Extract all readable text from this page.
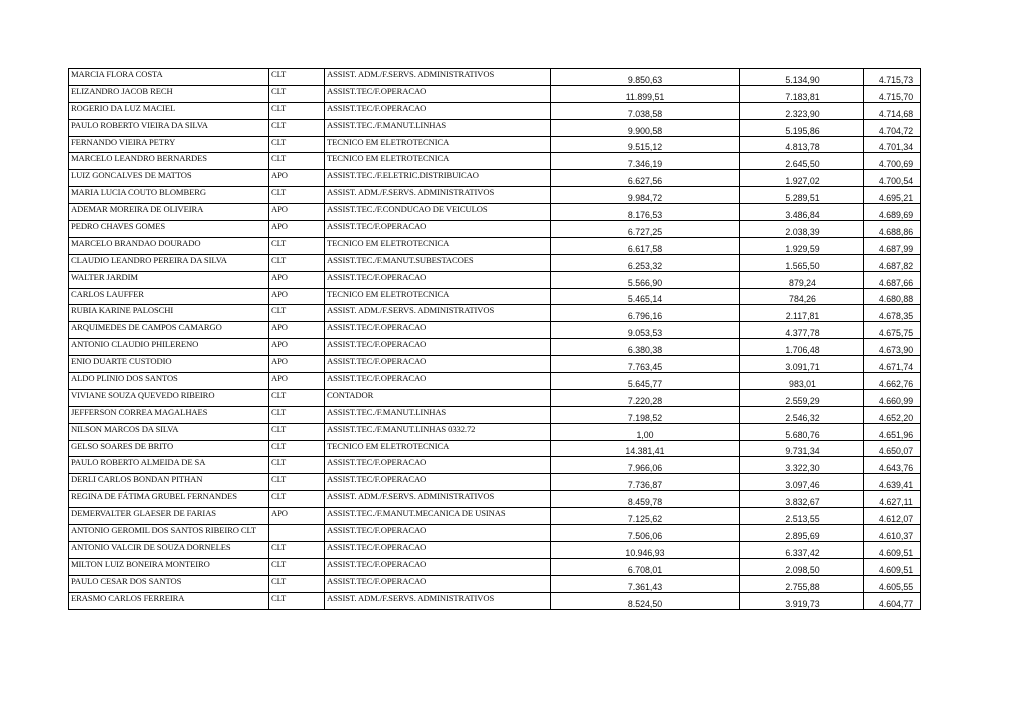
MARCIA FLORA COSTA	CLT	ASSIST. ADM./F.SERVS. ADMINISTRATIVOS	9.850,63	5.134,90	4.715,73
ELIZANDRO JACOB RECH	CLT	ASSIST.TEC/F.OPERACAO	11.899,51	7.183,81	4.715,70
ROGERIO DA LUZ MACIEL	CLT	ASSIST.TEC/F.OPERACAO	7.038,58	2.323,90	4.714,68
PAULO ROBERTO VIEIRA DA SILVA	CLT	ASSIST.TEC./F.MANUT.LINHAS	9.900,58	5.195,86	4.704,72
FERNANDO VIEIRA PETRY	CLT	TECNICO EM ELETROTECNICA	9.515,12	4.813,78	4.701,34
MARCELO LEANDRO BERNARDES	CLT	TECNICO EM ELETROTECNICA	7.346,19	2.645,50	4.700,69
LUIZ GONCALVES DE MATTOS	APO	ASSIST.TEC./F.ELETRIC.DISTRIBUICAO	6.627,56	1.927,02	4.700,54
MARIA LUCIA COUTO BLOMBERG	CLT	ASSIST. ADM./F.SERVS. ADMINISTRATIVOS	9.984,72	5.289,51	4.695,21
ADEMAR MOREIRA DE OLIVEIRA	APO	ASSIST.TEC./F.CONDUCAO DE VEICULOS	8.176,53	3.486,84	4.689,69
PEDRO CHAVES GOMES	APO	ASSIST.TEC/F.OPERACAO	6.727,25	2.038,39	4.688,86
MARCELO BRANDAO DOURADO	CLT	TECNICO EM ELETROTECNICA	6.617,58	1.929,59	4.687,99
CLAUDIO LEANDRO PEREIRA DA SILVA	CLT	ASSIST.TEC./F.MANUT.SUBESTACOES	6.253,32	1.565,50	4.687,82
WALTER JARDIM	APO	ASSIST.TEC/F.OPERACAO	5.566,90	879,24	4.687,66
CARLOS LAUFFER	APO	TECNICO EM ELETROTECNICA	5.465,14	784,26	4.680,88
RUBIA KARINE PALOSCHI	CLT	ASSIST. ADM./F.SERVS. ADMINISTRATIVOS	6.796,16	2.117,81	4.678,35
ARQUIMEDES DE CAMPOS CAMARGO	APO	ASSIST.TEC/F.OPERACAO	9.053,53	4.377,78	4.675,75
ANTONIO CLAUDIO PHILERENO	APO	ASSIST.TEC/F.OPERACAO	6.380,38	1.706,48	4.673,90
ENIO DUARTE CUSTODIO	APO	ASSIST.TEC/F.OPERACAO	7.763,45	3.091,71	4.671,74
ALDO PLINIO DOS SANTOS	APO	ASSIST.TEC/F.OPERACAO	5.645,77	983,01	4.662,76
VIVIANE SOUZA QUEVEDO RIBEIRO	CLT	CONTADOR	7.220,28	2.559,29	4.660,99
JEFFERSON CORREA MAGALHAES	CLT	ASSIST.TEC./F.MANUT.LINHAS	7.198,52	2.546,32	4.652,20
NILSON MARCOS DA SILVA	CLT	ASSIST.TEC./F.MANUT.LINHAS 0332.72	1,00	5.680,76	4.651,96
GELSO SOARES DE BRITO	CLT	TECNICO EM ELETROTECNICA	14.381,41	9.731,34	4.650,07
PAULO ROBERTO ALMEIDA DE SA	CLT	ASSIST.TEC/F.OPERACAO	7.966,06	3.322,30	4.643,76
DERLI CARLOS BONDAN PITHAN	CLT	ASSIST.TEC/F.OPERACAO	7.736,87	3.097,46	4.639,41
REGINA DE FÁTIMA GRUBEL FERNANDES	CLT	ASSIST. ADM./F.SERVS. ADMINISTRATIVOS	8.459,78	3.832,67	4.627,11
DEMERVALTER GLAESER DE FARIAS	APO	ASSIST.TEC./F.MANUT.MECANICA DE USINAS	7.125,62	2.513,55	4.612,07
ANTONIO GEROMIL DOS SANTOS RIBEIRO CLT		ASSIST.TEC/F.OPERACAO	7.506,06	2.895,69	4.610,37
ANTONIO VALCIR DE SOUZA DORNELES	CLT	ASSIST.TEC/F.OPERACAO	10.946,93	6.337,42	4.609,51
MILTON LUIZ BONEIRA MONTEIRO	CLT	ASSIST.TEC/F.OPERACAO	6.708,01	2.098,50	4.609,51
PAULO CESAR DOS SANTOS	CLT	ASSIST.TEC/F.OPERACAO	7.361,43	2.755,88	4.605,55
ERASMO CARLOS FERREIRA	CLT	ASSIST. ADM./F.SERVS. ADMINISTRATIVOS	8.524,50	3.919,73	4.604,77
